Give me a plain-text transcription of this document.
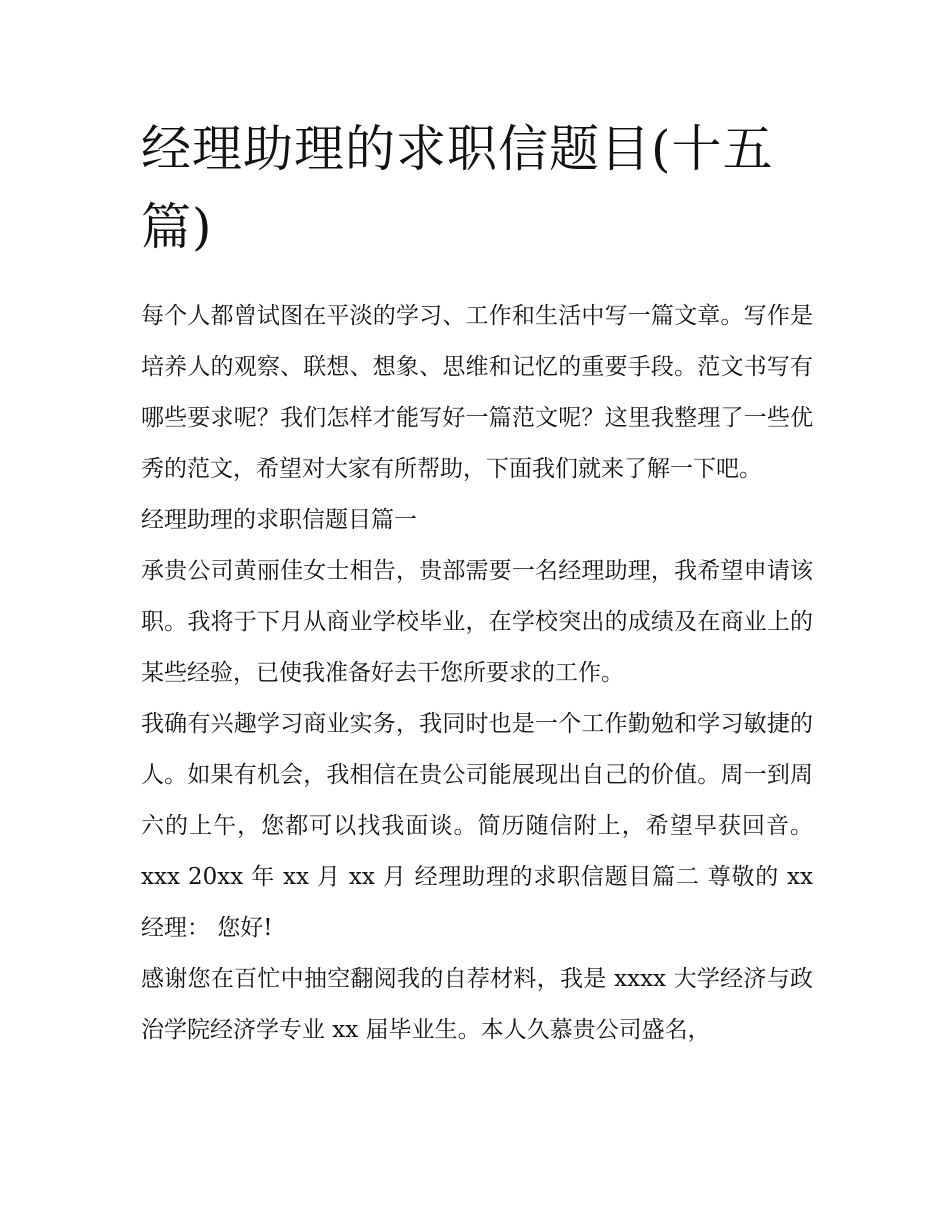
经理助理的求职信题目(十五篇)

每个人都曾试图在平淡的学习、工作和生活中写一篇文章。写作是培养人的观察、联想、想象、思维和记忆的重要手段。范文书写有哪些要求呢？我们怎样才能写好一篇范文呢？这里我整理了一些优秀的范文，希望对大家有所帮助，下面我们就来了解一下吧。

经理助理的求职信题目篇一

承贵公司黄丽佳女士相告，贵部需要一名经理助理，我希望申请该职。我将于下月从商业学校毕业，在学校突出的成绩及在商业上的某些经验，已使我准备好去干您所要求的工作。

我确有兴趣学习商业实务，我同时也是一个工作勤勉和学习敏捷的人。如果有机会，我相信在贵公司能展现出自己的价值。周一到周六的上午，您都可以找我面谈。简历随信附上，希望早获回音。 xxx 20xx 年 xx 月 xx 月 经理助理的求职信题目篇二 尊敬的 xx 经理： 您好!

感谢您在百忙中抽空翻阅我的自荐材料，我是 xxxx 大学经济与政治学院经济学专业 xx 届毕业生。本人久慕贵公司盛名，
